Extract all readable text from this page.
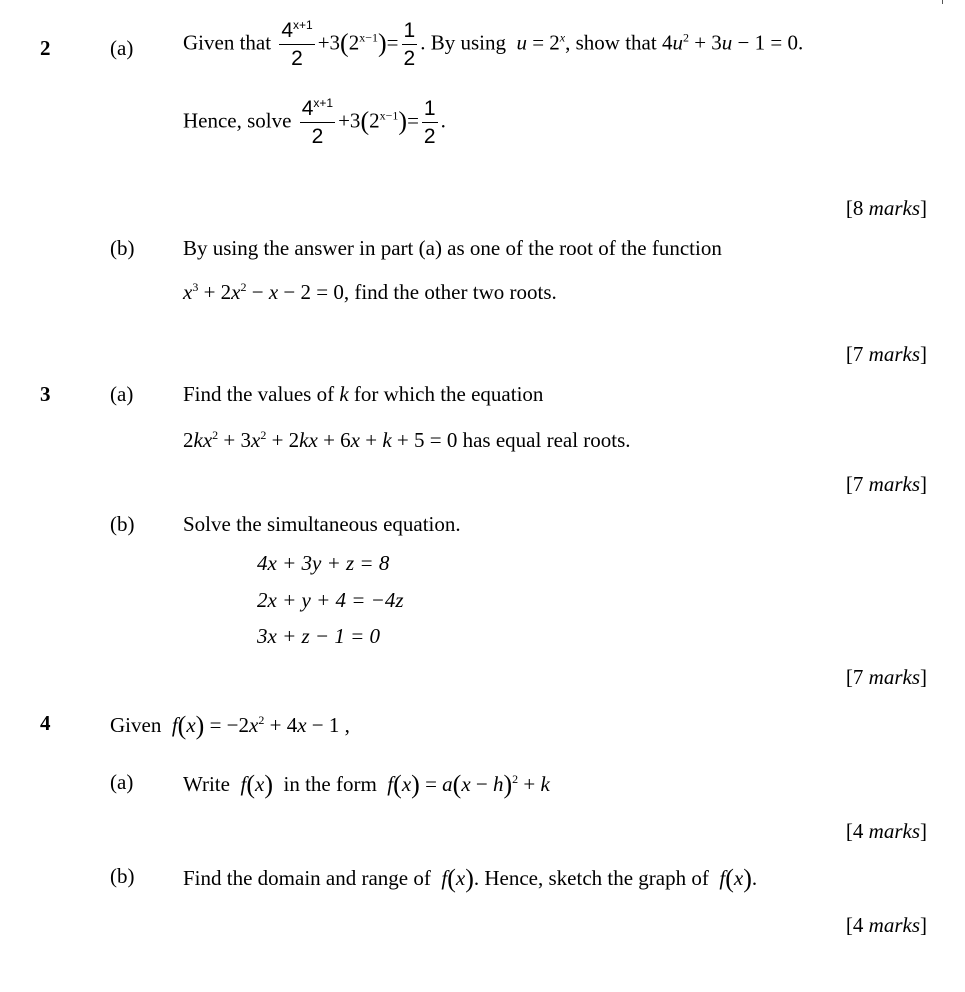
2	(a) Given that $\frac{4^{x+1}}{2} +3(2^{x-1})= \frac{1}{2}$ . By using $u = 2^x$, show that $4u^2 + 3u - 1 = 0$.
Hence, solve $\frac{4^{x+1}}{2} +3(2^{x-1})= \frac{1}{2}$ .
[8 marks]
(b) By using the answer in part (a) as one of the root of the function
$x^3 + 2x^2 - x - 2 = 0$, find the other two roots.
[7 marks]
3	(a) Find the values of k for which the equation
$2kx^2 + 3x^2 + 2kx + 6x + k + 5 = 0$ has equal real roots.
[7 marks]
(b) Solve the simultaneous equation.
4x + 3y + z = 8
2x + y + 4 = −4z
3x + z − 1 = 0
[7 marks]
4	Given $f(x) = -2x^2 + 4x - 1$ ,
(a) Write f(x) in the form $f(x) = a(x - h)^2 + k$
[4 marks]
(b) Find the domain and range of f(x). Hence, sketch the graph of f(x).
[4 marks]
